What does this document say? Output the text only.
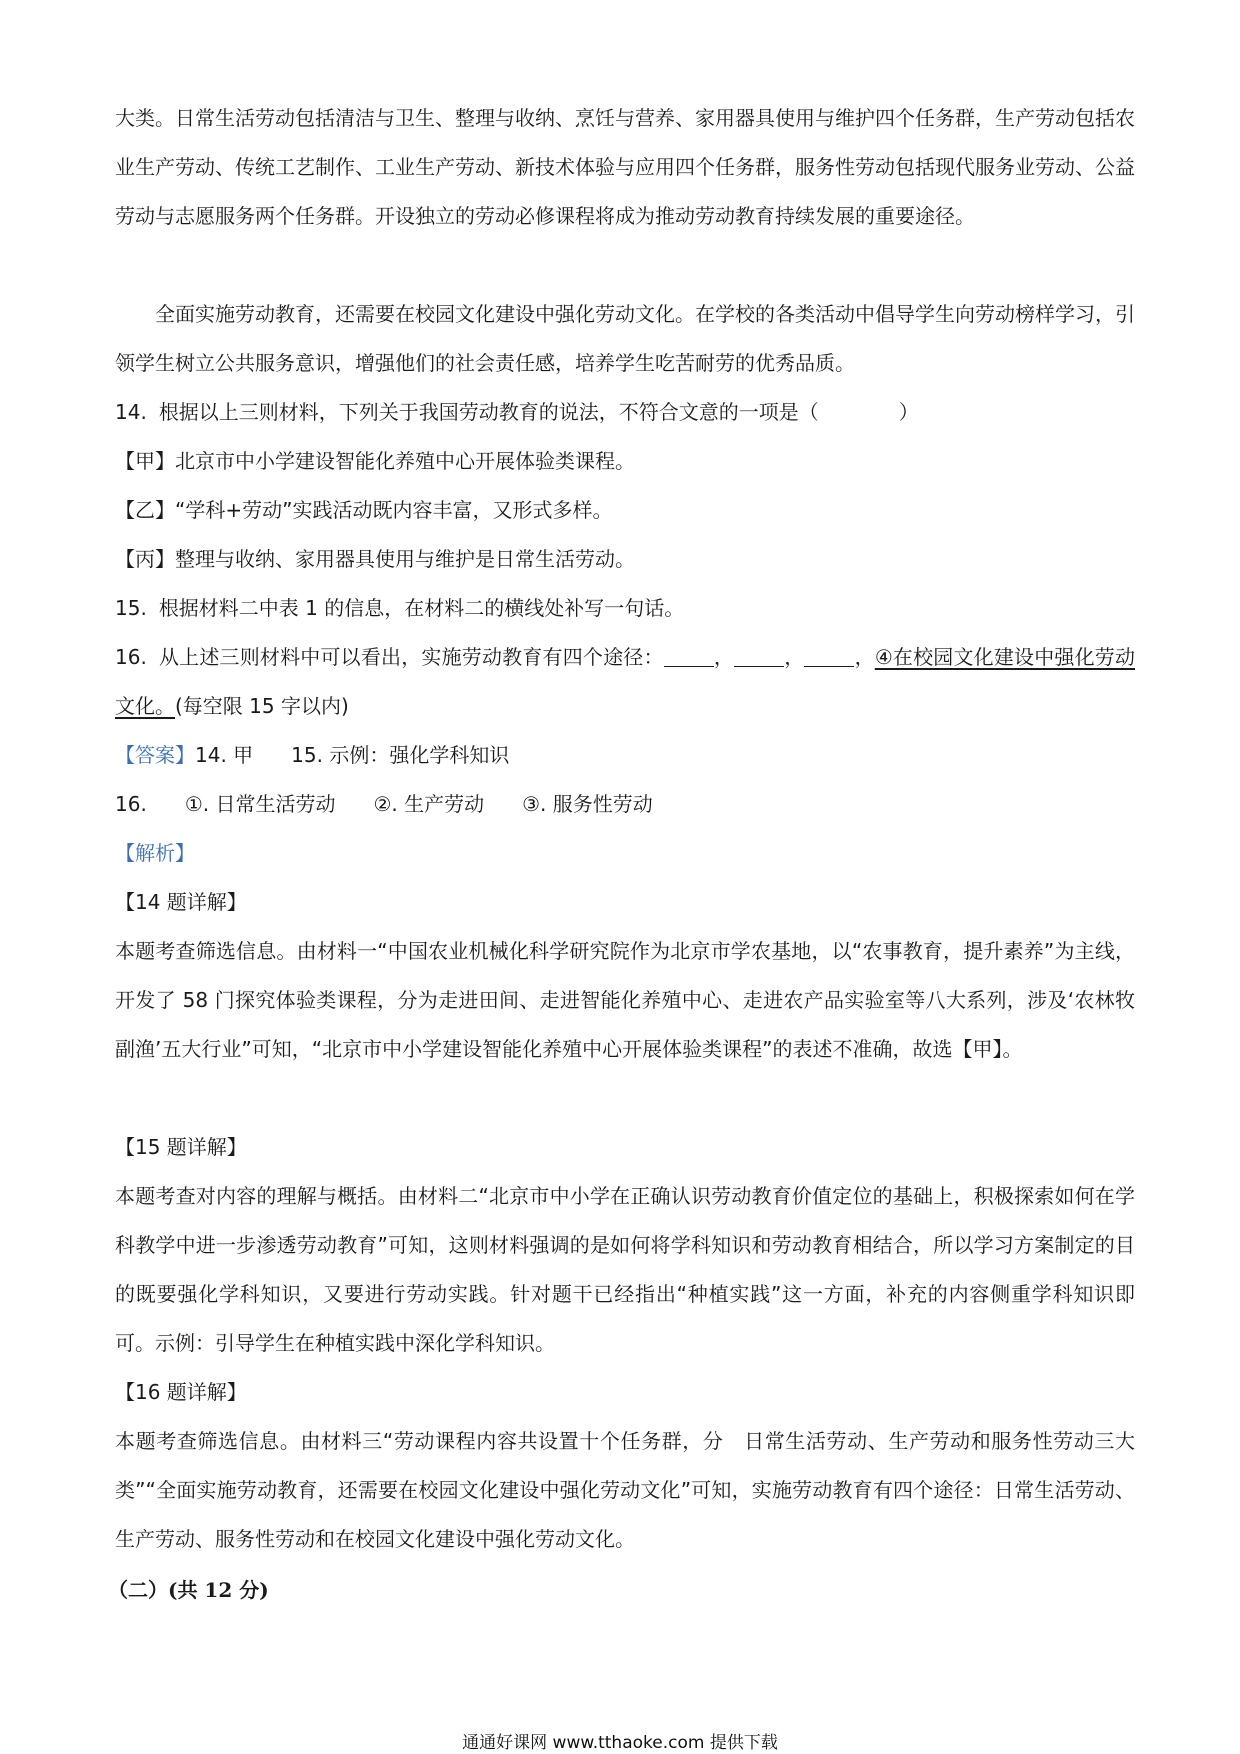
大类。日常生活劳动包括清洁与卫生、整理与收纳、烹饪与营养、家用器具使用与维护四个任务群，生产劳动包括农业生产劳动、传统工艺制作、工业生产劳动、新技术体验与应用四个任务群，服务性劳动包括现代服务业劳动、公益劳动与志愿服务两个任务群。开设独立的劳动必修课程将成为推动劳动教育持续发展的重要途径。

全面实施劳动教育，还需要在校园文化建设中强化劳动文化。在学校的各类活动中倡导学生向劳动榜样学习，引领学生树立公共服务意识，增强他们的社会责任感，培养学生吃苦耐劳的优秀品质。

14. 根据以上三则材料，下列关于我国劳动教育的说法，不符合文意的一项是（　　　　）

【甲】北京市中小学建设智能化养殖中心开展体验类课程。

【乙】“学科+劳动”实践活动既内容丰富，又形式多样。

【丙】整理与收纳、家用器具使用与维护是日常生活劳动。

15. 根据材料二中表 1 的信息，在材料二的横线处补写一句话。

16. 从上述三则材料中可以看出，实施劳动教育有四个途径：	，	，	，④在校园文化建设中强化劳动文化。(每空限 15 字以内)

【答案】14. 甲 15. 示例：强化学科知识

16. ①. 日常生活劳动 ②. 生产劳动 ③. 服务性劳动

【解析】

【14 题详解】

本题考查筛选信息。由材料一“中国农业机械化科学研究院作为北京市学农基地，以“农事教育，提升素养”为主线，开发了 58 门探究体验类课程，分为走进田间、走进智能化养殖中心、走进农产品实验室等八大系列，涉及‘农林牧副渔’五大行业”可知，“北京市中小学建设智能化养殖中心开展体验类课程”的表述不准确，故选【甲】。

【15 题详解】

本题考查对内容的理解与概括。由材料二“北京市中小学在正确认识劳动教育价值定位的基础上，积极探索如何在学科教学中进一步渗透劳动教育”可知，这则材料强调的是如何将学科知识和劳动教育相结合，所以学习方案制定的目的既要强化学科知识，又要进行劳动实践。针对题干已经指出“种植实践”这一方面，补充的内容侧重学科知识即可。示例：引导学生在种植实践中深化学科知识。

【16 题详解】

本题考查筛选信息。由材料三“劳动课程内容共设置十个任务群，分　日常生活劳动、生产劳动和服务性劳动三大类”“全面实施劳动教育，还需要在校园文化建设中强化劳动文化”可知，实施劳动教育有四个途径：日常生活劳动、生产劳动、服务性劳动和在校园文化建设中强化劳动文化。

（二）(共 12 分)

通通好课网 www.tthaoke.com 提供下载
